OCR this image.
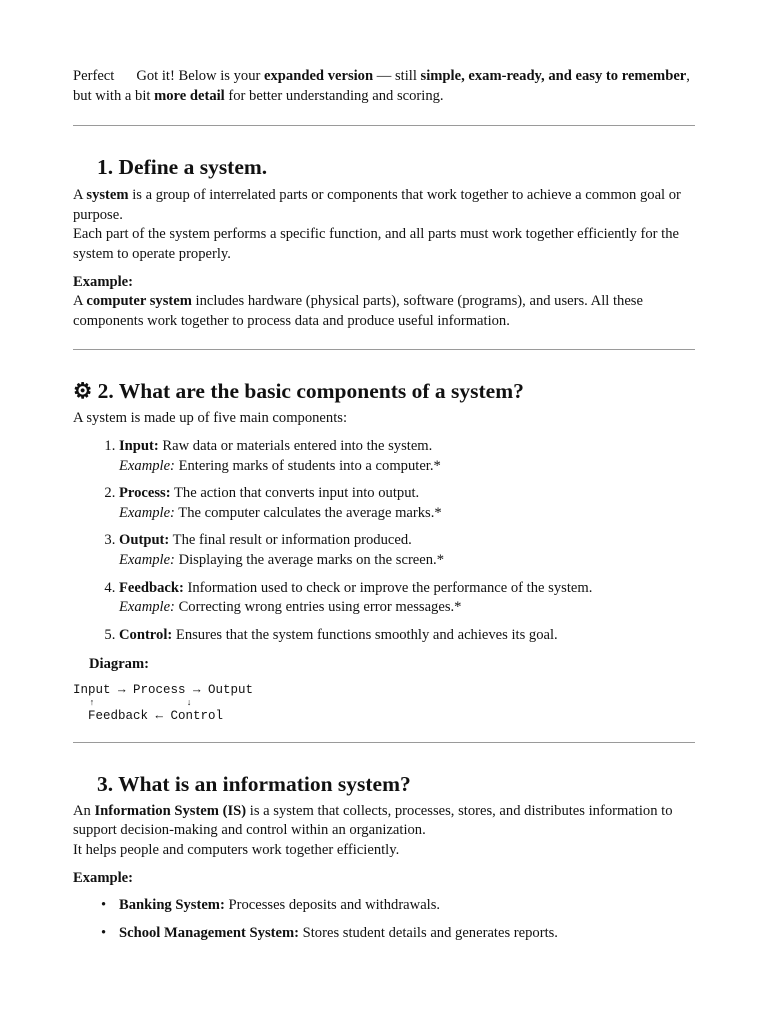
Perfect Got it! Below is your expanded version — still simple, exam-ready, and easy to remember, but with a bit more detail for better understanding and scoring.

1. Define a system.

A system is a group of interrelated parts or components that work together to achieve a common goal or purpose.
Each part of the system performs a specific function, and all parts must work together efficiently for the system to operate properly.

Example:
A computer system includes hardware (physical parts), software (programs), and users. All these components work together to process data and produce useful information.

⚙ 2. What are the basic components of a system?

A system is made up of five main components:

1. Input: Raw data or materials entered into the system.
Example: Entering marks of students into a computer.*
2. Process: The action that converts input into output.
Example: The computer calculates the average marks.*
3. Output: The final result or information produced.
Example: Displaying the average marks on the screen.*
4. Feedback: Information used to check or improve the performance of the system.
Example: Correcting wrong entries using error messages.*
5. Control: Ensures that the system functions smoothly and achieves its goal.

Diagram:

Input → Process → Output
↑                 ↓
Feedback ← Control
3. What is an information system?

An Information System (IS) is a system that collects, processes, stores, and distributes information to support decision-making and control within an organization.
It helps people and computers work together efficiently.

Example:

• Banking System: Processes deposits and withdrawals.
• School Management System: Stores student details and generates reports.
